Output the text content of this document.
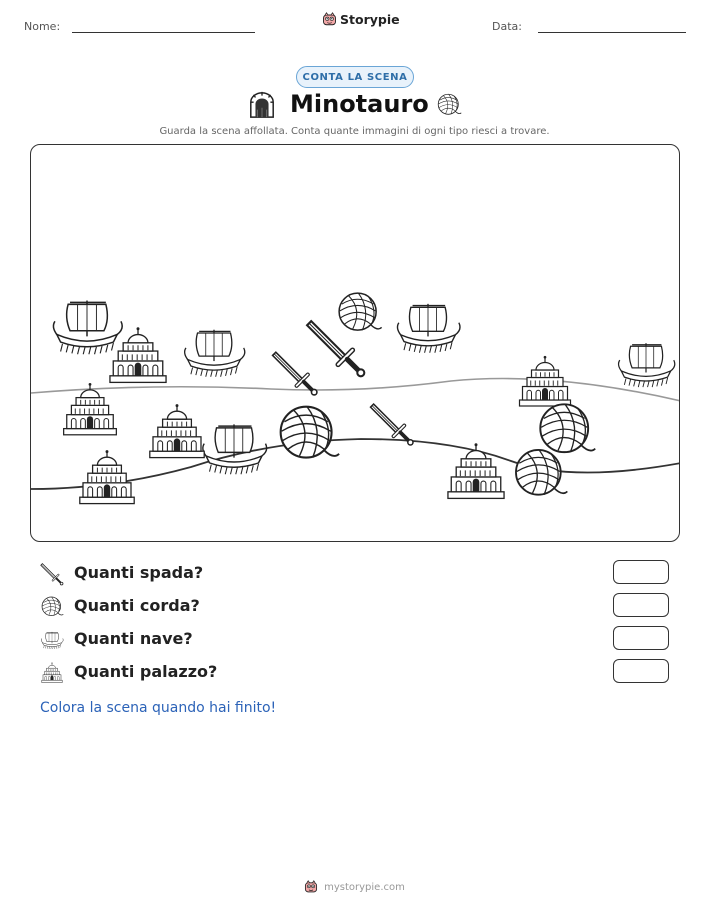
Nome:	Storypie	Data:
CONTA LA SCENA
Minotauro
Guarda la scena affollata. Conta quante immagini di ogni tipo riesci a trovare.
Quanti spada?
Quanti corda?
Quanti nave?
Quanti palazzo?
Colora la scena quando hai finito!
mystorypie.com
